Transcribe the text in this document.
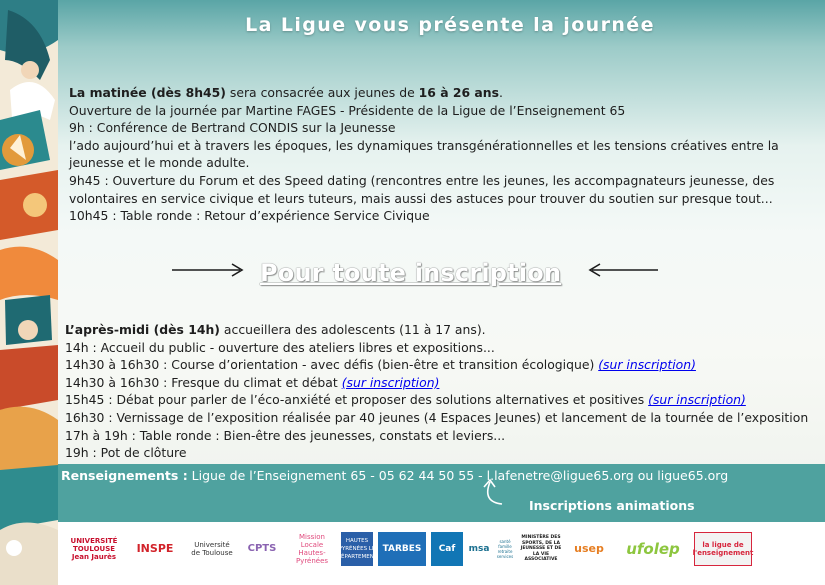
La Ligue vous présente la journée

La matinée (dès 8h45) sera consacrée aux jeunes de 16 à 26 ans.

Ouverture de la journée par Martine FAGES - Présidente de la Ligue de l’Enseignement 65

9h : Conférence de Bertrand CONDIS sur la Jeunesse

l’ado aujourd’hui et à travers les époques, les dynamiques transgénérationnelles et les tensions créatives entre la jeunesse et le monde adulte.

9h45 : Ouverture du Forum et des Speed dating (rencontres entre les jeunes, les accompagnateurs jeunesse, des volontaires en service civique et leurs tuteurs, mais aussi des astuces pour trouver du soutien sur presque tout...

10h45 : Table ronde : Retour d’expérience Service Civique

Pour toute inscription

L’après-midi (dès 14h) accueillera des adolescents (11 à 17 ans).

14h : Accueil du public - ouverture des ateliers libres et expositions...

14h30 à 16h30 : Course d’orientation - avec défis (bien-être et transition écologique) (sur inscription)

14h30 à 16h30 : Fresque du climat et débat (sur inscription)

15h45 : Débat pour parler de l’éco-anxiété et proposer des solutions alternatives et positives (sur inscription)

16h30 : Vernissage de l’exposition réalisée par 40 jeunes (4 Espaces Jeunes) et lancement de la tournée de l’exposition

17h à 19h : Table ronde : Bien-être des jeunesses, constats et leviers...

19h : Pot de clôture

Renseignements : Ligue de l’Enseignement 65 - 05 62 44 50 55 - l.lafenetre@ligue65.org ou ligue65.org
Inscriptions animations
UNIVERSITÉ TOULOUSE Jean Jaurès
INSPE	Université de Toulouse CPTS
Mission Locale Hautes-Pyrénées
HAUTES PYRÉNÉES LE DÉPARTEMENT
TARBES Caf msa
santé famille retraite services
MINISTÈRE DES SPORTS, DE LA JEUNESSE ET DE LA VIE ASSOCIATIVE
usep ufolep	la ligue de l'enseignement
